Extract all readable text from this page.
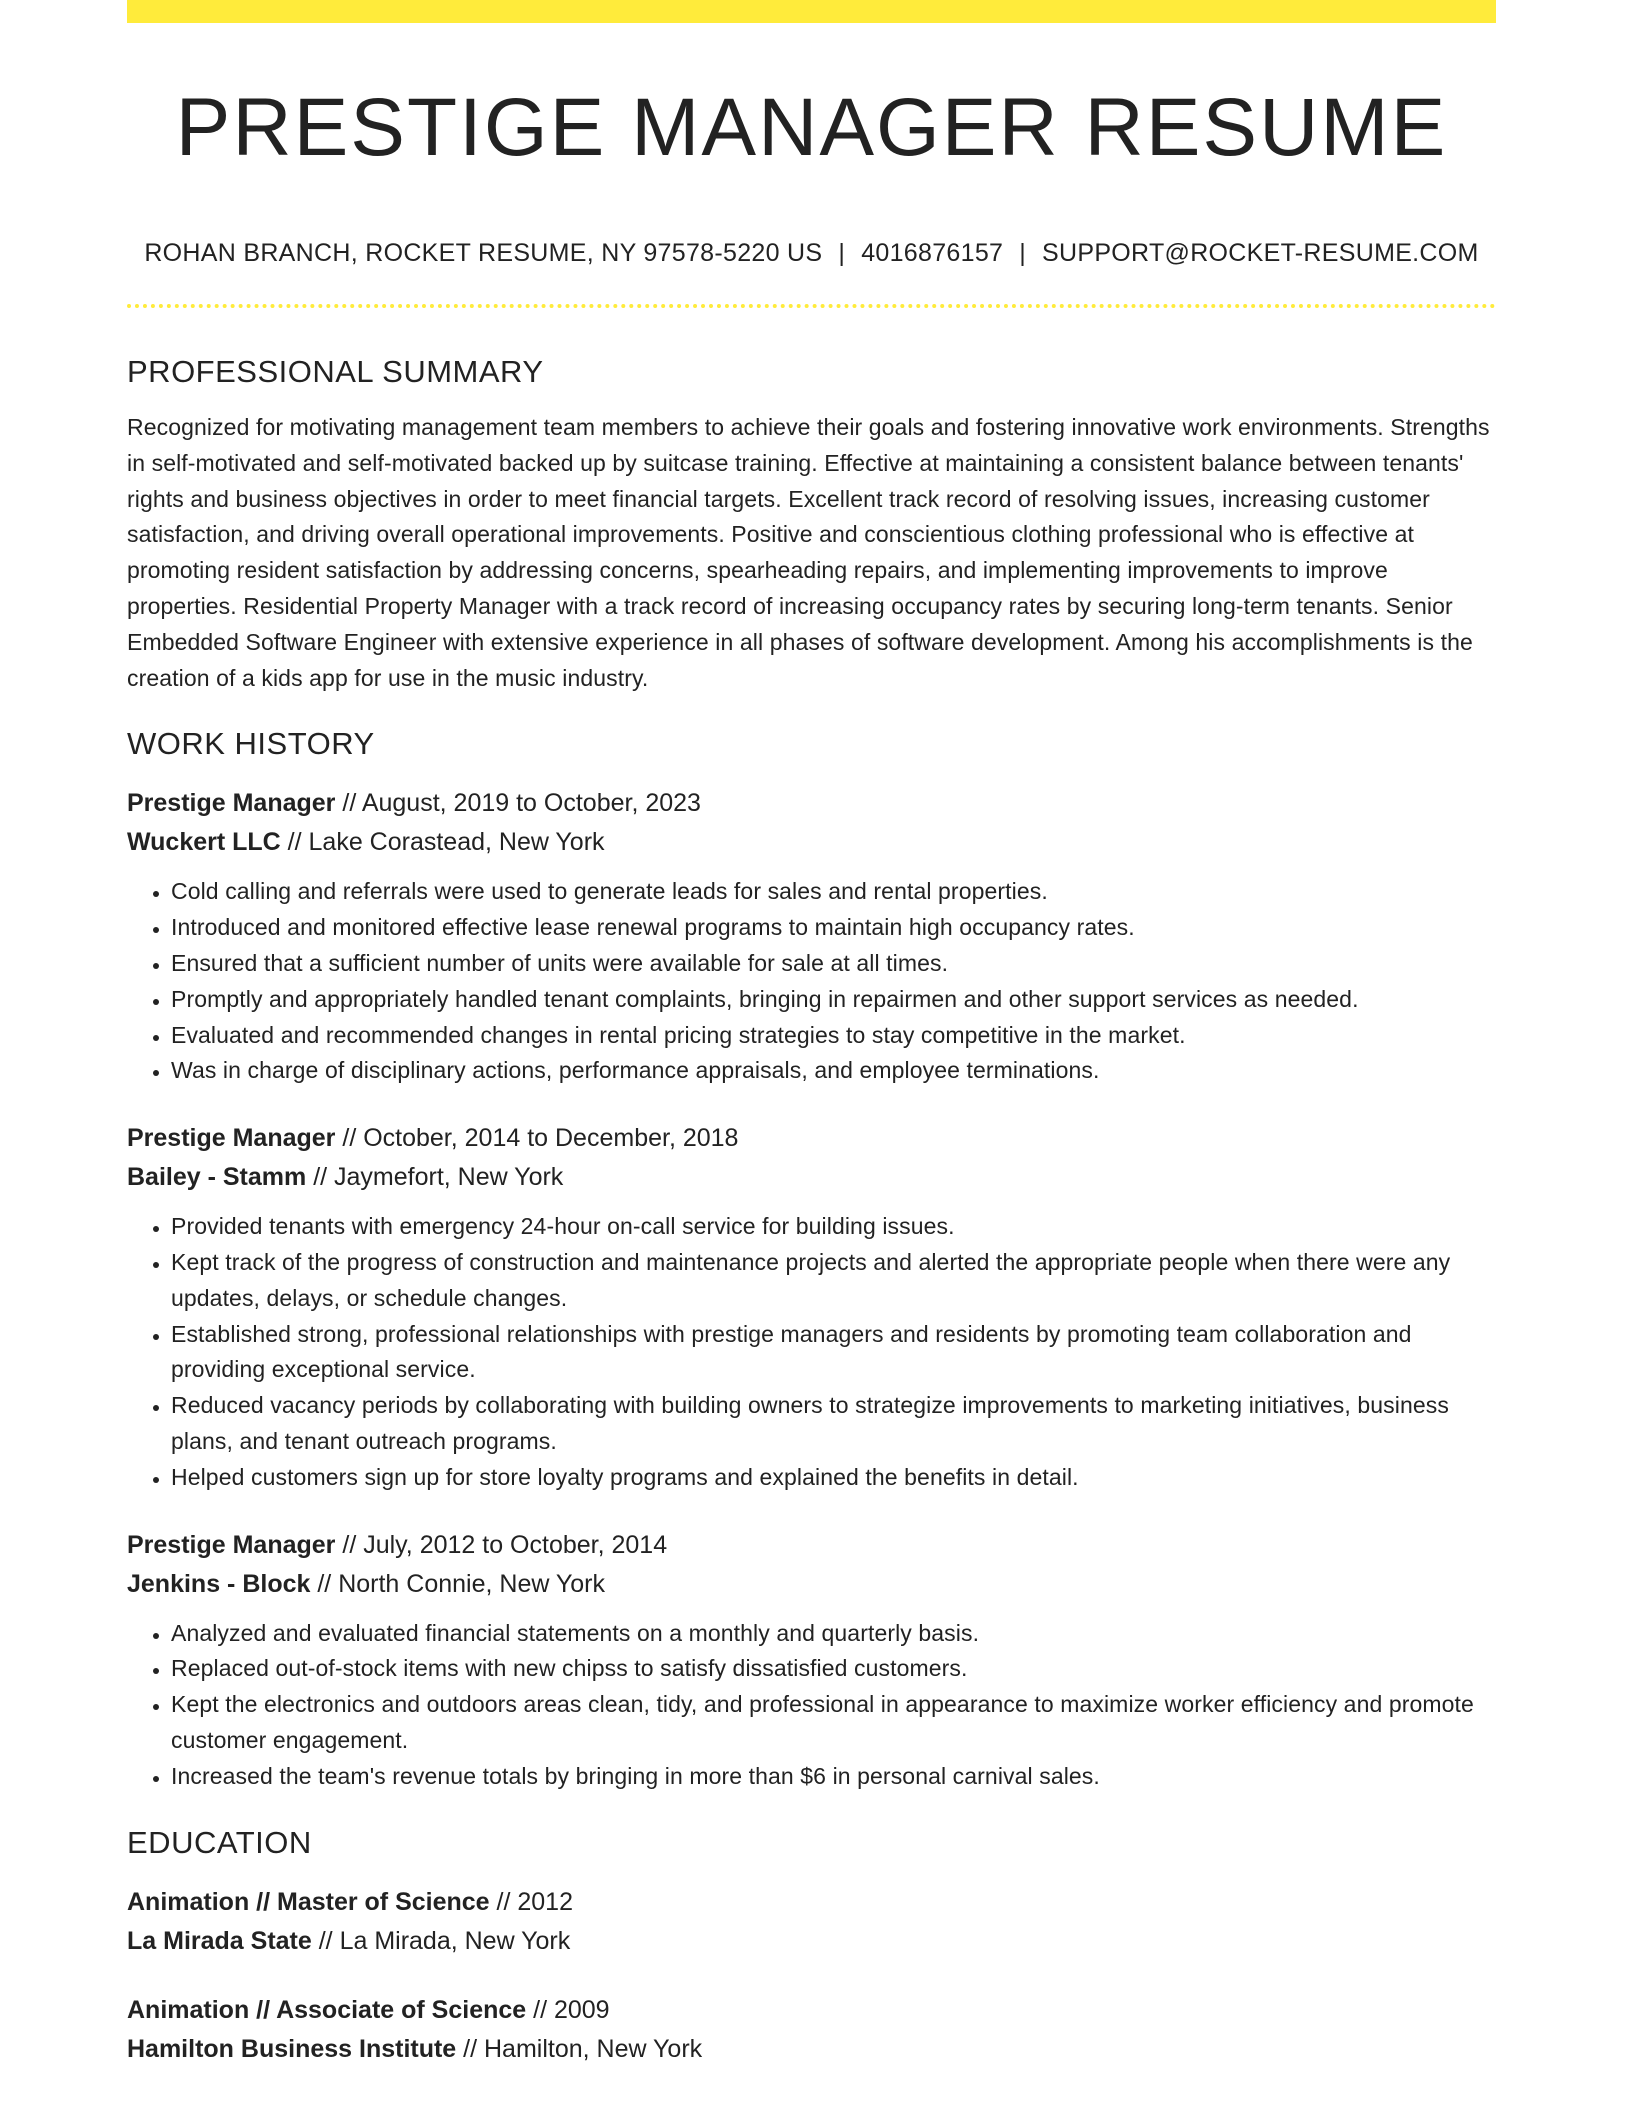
PRESTIGE MANAGER RESUME
ROHAN BRANCH, ROCKET RESUME, NY 97578-5220 US | 4016876157 | SUPPORT@ROCKET-RESUME.COM
PROFESSIONAL SUMMARY

Recognized for motivating management team members to achieve their goals and fostering innovative work environments. Strengths in self-motivated and self-motivated backed up by suitcase training. Effective at maintaining a consistent balance between tenants' rights and business objectives in order to meet financial targets. Excellent track record of resolving issues, increasing customer satisfaction, and driving overall operational improvements. Positive and conscientious clothing professional who is effective at promoting resident satisfaction by addressing concerns, spearheading repairs, and implementing improvements to improve properties. Residential Property Manager with a track record of increasing occupancy rates by securing long-term tenants. Senior Embedded Software Engineer with extensive experience in all phases of software development. Among his accomplishments is the creation of a kids app for use in the music industry.

WORK HISTORY
Prestige Manager // August, 2019 to October, 2023
Wuckert LLC // Lake Corastead, New York
• Cold calling and referrals were used to generate leads for sales and rental properties.
• Introduced and monitored effective lease renewal programs to maintain high occupancy rates.
• Ensured that a sufficient number of units were available for sale at all times.
• Promptly and appropriately handled tenant complaints, bringing in repairmen and other support services as needed.
• Evaluated and recommended changes in rental pricing strategies to stay competitive in the market.
• Was in charge of disciplinary actions, performance appraisals, and employee terminations.
Prestige Manager // October, 2014 to December, 2018
Bailey - Stamm // Jaymefort, New York
• Provided tenants with emergency 24-hour on-call service for building issues.
• Kept track of the progress of construction and maintenance projects and alerted the appropriate people when there were any updates, delays, or schedule changes.
• Established strong, professional relationships with prestige managers and residents by promoting team collaboration and providing exceptional service.
• Reduced vacancy periods by collaborating with building owners to strategize improvements to marketing initiatives, business plans, and tenant outreach programs.
• Helped customers sign up for store loyalty programs and explained the benefits in detail.
Prestige Manager // July, 2012 to October, 2014
Jenkins - Block // North Connie, New York
• Analyzed and evaluated financial statements on a monthly and quarterly basis.
• Replaced out-of-stock items with new chipss to satisfy dissatisfied customers.
• Kept the electronics and outdoors areas clean, tidy, and professional in appearance to maximize worker efficiency and promote customer engagement.
• Increased the team's revenue totals by bringing in more than $6 in personal carnival sales.
EDUCATION
Animation // Master of Science // 2012
La Mirada State // La Mirada, New York
Animation // Associate of Science // 2009
Hamilton Business Institute // Hamilton, New York
